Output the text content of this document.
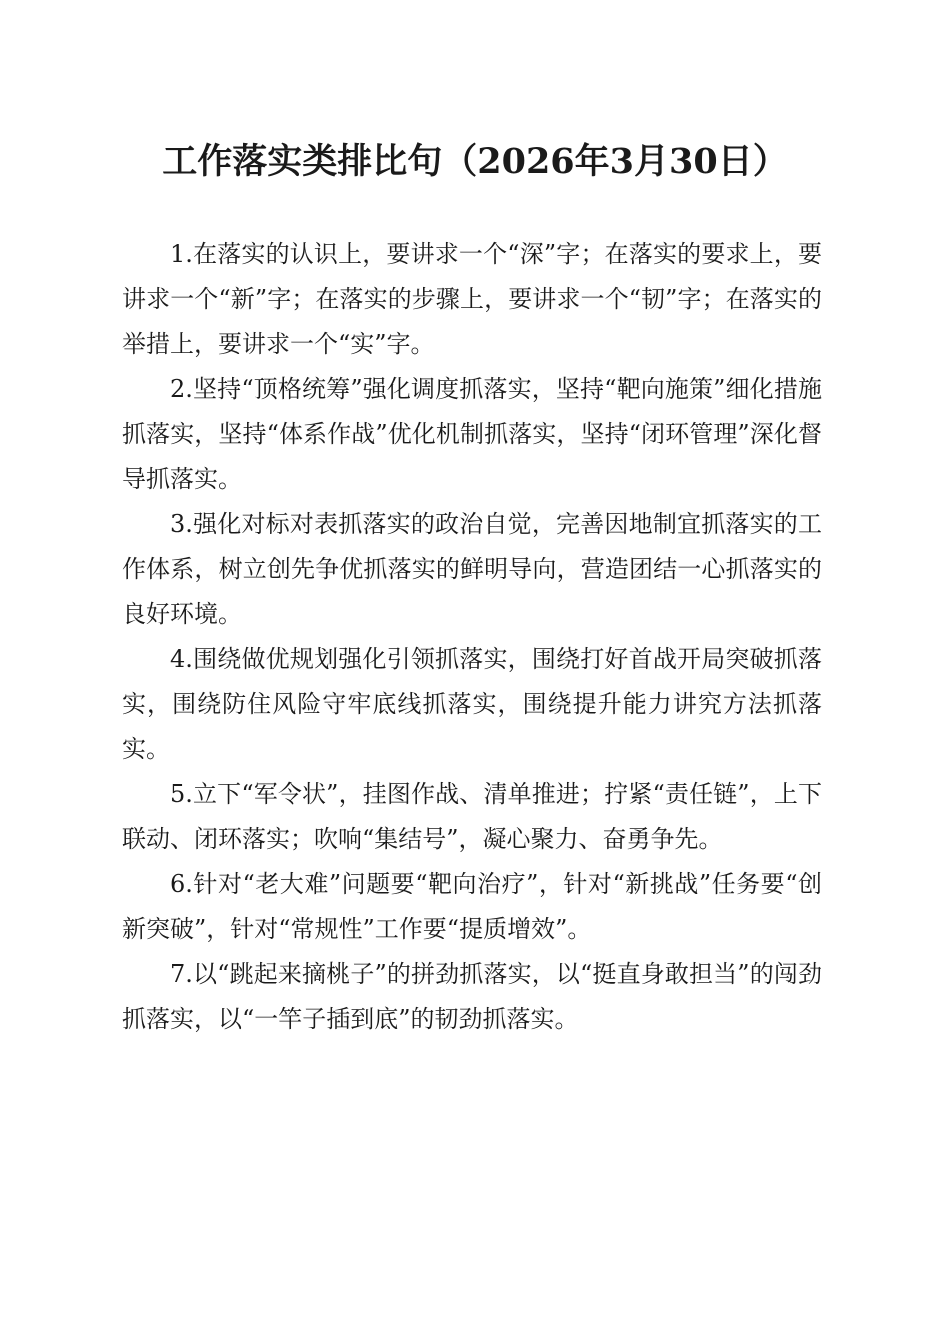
工作落实类排比句（2026年3月30日）

1.在落实的认识上，要讲求一个“深”字；在落实的要求上，要讲求一个“新”字；在落实的步骤上，要讲求一个“韧”字；在落实的举措上，要讲求一个“实”字。

2.坚持“顶格统筹”强化调度抓落实，坚持“靶向施策”细化措施抓落实，坚持“体系作战”优化机制抓落实，坚持“闭环管理”深化督导抓落实。

3.强化对标对表抓落实的政治自觉，完善因地制宜抓落实的工作体系，树立创先争优抓落实的鲜明导向，营造团结一心抓落实的良好环境。

4.围绕做优规划强化引领抓落实，围绕打好首战开局突破抓落实，围绕防住风险守牢底线抓落实，围绕提升能力讲究方法抓落实。

5.立下“军令状”，挂图作战、清单推进；拧紧“责任链”，上下联动、闭环落实；吹响“集结号”，凝心聚力、奋勇争先。

6.针对“老大难”问题要“靶向治疗”，针对“新挑战”任务要“创新突破”，针对“常规性”工作要“提质增效”。

7.以“跳起来摘桃子”的拼劲抓落实，以“挺直身敢担当”的闯劲抓落实，以“一竿子插到底”的韧劲抓落实。
